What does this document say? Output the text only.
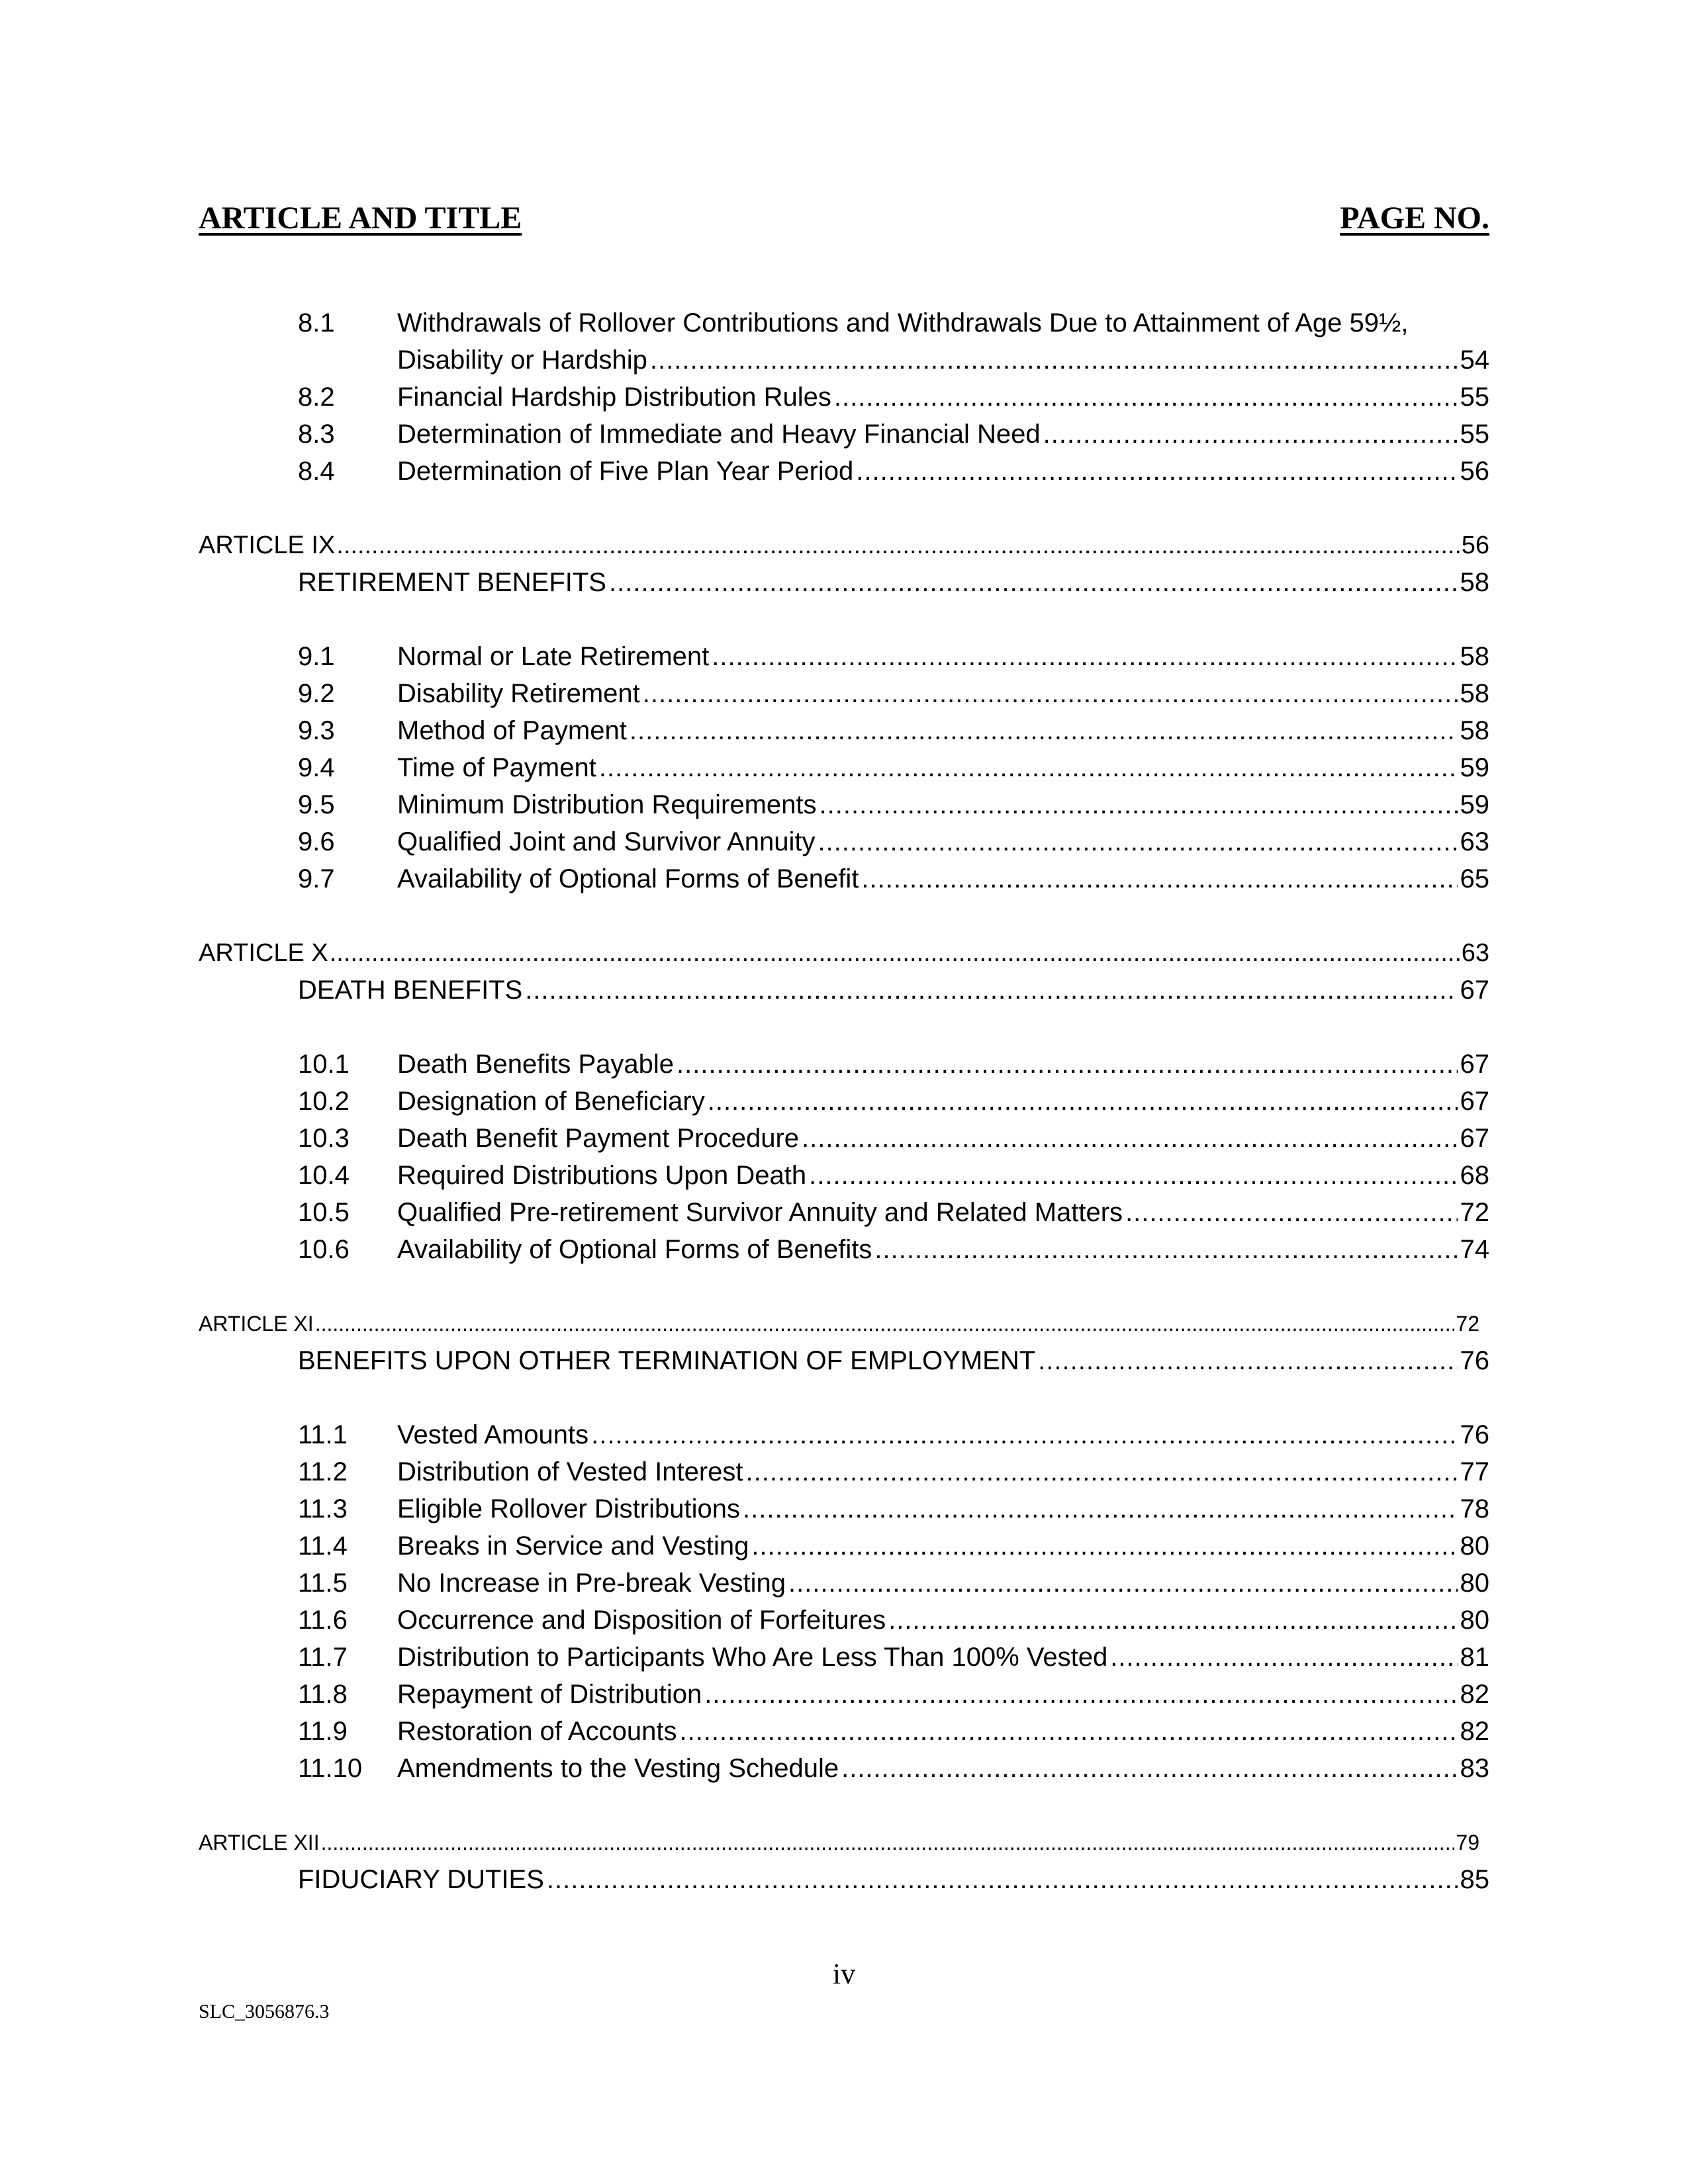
ARTICLE AND TITLE	PAGE NO.
8.1 Withdrawals of Rollover Contributions and Withdrawals Due to Attainment of Age 59½,
Disability or Hardship .....	54
8.2 Financial Hardship Distribution Rules .....	55
8.3 Determination of Immediate and Heavy Financial Need .....	55
8.4 Determination of Five Plan Year Period .....	56
ARTICLE IX .....	56
RETIREMENT BENEFITS .....	58
9.1 Normal or Late Retirement .....	58
9.2 Disability Retirement .....	58
9.3 Method of Payment .....	58
9.4 Time of Payment .....	59
9.5 Minimum Distribution Requirements .....	59
9.6 Qualified Joint and Survivor Annuity .....	63
9.7 Availability of Optional Forms of Benefit .....	65
ARTICLE X .....	63
DEATH BENEFITS .....	67
10.1 Death Benefits Payable .....	67
10.2 Designation of Beneficiary .....	67
10.3 Death Benefit Payment Procedure .....	67
10.4 Required Distributions Upon Death .....	68
10.5 Qualified Pre-retirement Survivor Annuity and Related Matters .....	72
10.6 Availability of Optional Forms of Benefits .....	74
ARTICLE XI .....	72
BENEFITS UPON OTHER TERMINATION OF EMPLOYMENT .....	76
11.1 Vested Amounts .....	76
11.2 Distribution of Vested Interest .....	77
11.3 Eligible Rollover Distributions .....	78
11.4 Breaks in Service and Vesting .....	80
11.5 No Increase in Pre-break Vesting .....	80
11.6 Occurrence and Disposition of Forfeitures .....	80
11.7 Distribution to Participants Who Are Less Than 100% Vested .....	81
11.8 Repayment of Distribution .....	82
11.9 Restoration of Accounts .....	82
11.10 Amendments to the Vesting Schedule .....	83
ARTICLE XII .....	79
FIDUCIARY DUTIES .....	85
iv
SLC_3056876.3
